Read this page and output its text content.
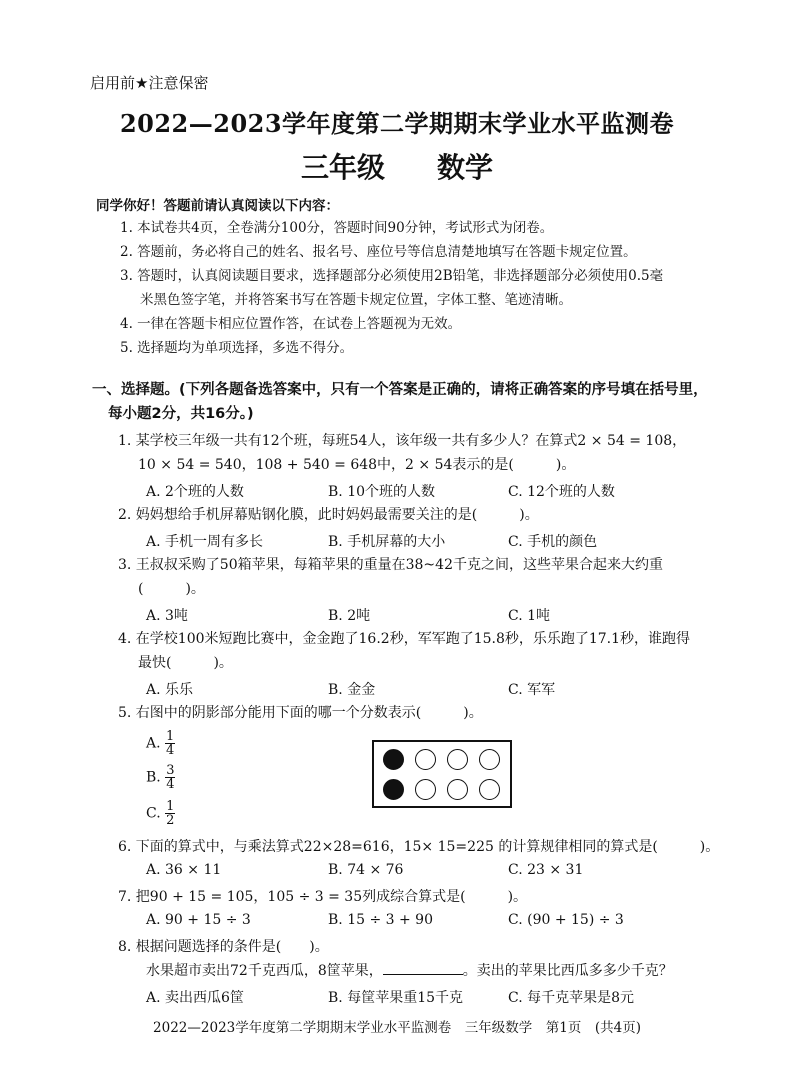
启用前★注意保密
2022—2023学年度第二学期期末学业水平监测卷
三年级 数学
同学你好！答题前请认真阅读以下内容：
1. 本试卷共4页，全卷满分100分，答题时间90分钟，考试形式为闭卷。
2. 答题前，务必将自己的姓名、报名号、座位号等信息清楚地填写在答题卡规定位置。
3. 答题时，认真阅读题目要求，选择题部分必须使用2B铅笔，非选择题部分必须使用0.5毫
米黑色签字笔，并将答案书写在答题卡规定位置，字体工整、笔迹清晰。
4. 一律在答题卡相应位置作答，在试卷上答题视为无效。
5. 选择题均为单项选择，多选不得分。
一、选择题。(下列各题备选答案中，只有一个答案是正确的，请将正确答案的序号填在括号里，
每小题2分，共16分。)
1. 某学校三年级一共有12个班，每班54人，该年级一共有多少人？在算式2 × 54 = 108，
10 × 54 = 540，108 + 540 = 648中，2 × 54表示的是(　　　)。
A. 2个班的人数	B. 10个班的人数	C. 12个班的人数
2. 妈妈想给手机屏幕贴钢化膜，此时妈妈最需要关注的是(　　　)。
A. 手机一周有多长	B. 手机屏幕的大小	C. 手机的颜色
3. 王叔叔采购了50箱苹果，每箱苹果的重量在38~42千克之间，这些苹果合起来大约重
(　　　)。
A. 3吨	B. 2吨	C. 1吨
4. 在学校100米短跑比赛中，金金跑了16.2秒，军军跑了15.8秒，乐乐跑了17.1秒，谁跑得
最快(　　　)。
A. 乐乐	B. 金金	C. 军军
5. 右图中的阴影部分能用下面的哪一个分数表示(　　　)。
A. $\frac{1}{4}$
B. $\frac{3}{4}$
C. $\frac{1}{2}$
6. 下面的算式中，与乘法算式22×28=616，15× 15=225 的计算规律相同的算式是(　　　)。
A. 36 × 11	B. 74 × 76	C. 23 × 31
7. 把90 + 15 = 105，105 ÷ 3 = 35列成综合算式是(　　　)。
A. 90 + 15 ÷ 3	B. 15 ÷ 3 + 90	C. (90 + 15) ÷ 3
8. 根据问题选择的条件是(　　)。
水果超市卖出72千克西瓜，8筐苹果，	。卖出的苹果比西瓜多多少千克？
A. 卖出西瓜6筐	B. 每筐苹果重15千克	C. 每千克苹果是8元
2022—2023学年度第二学期期末学业水平监测卷　三年级数学　第1页　(共4页)
